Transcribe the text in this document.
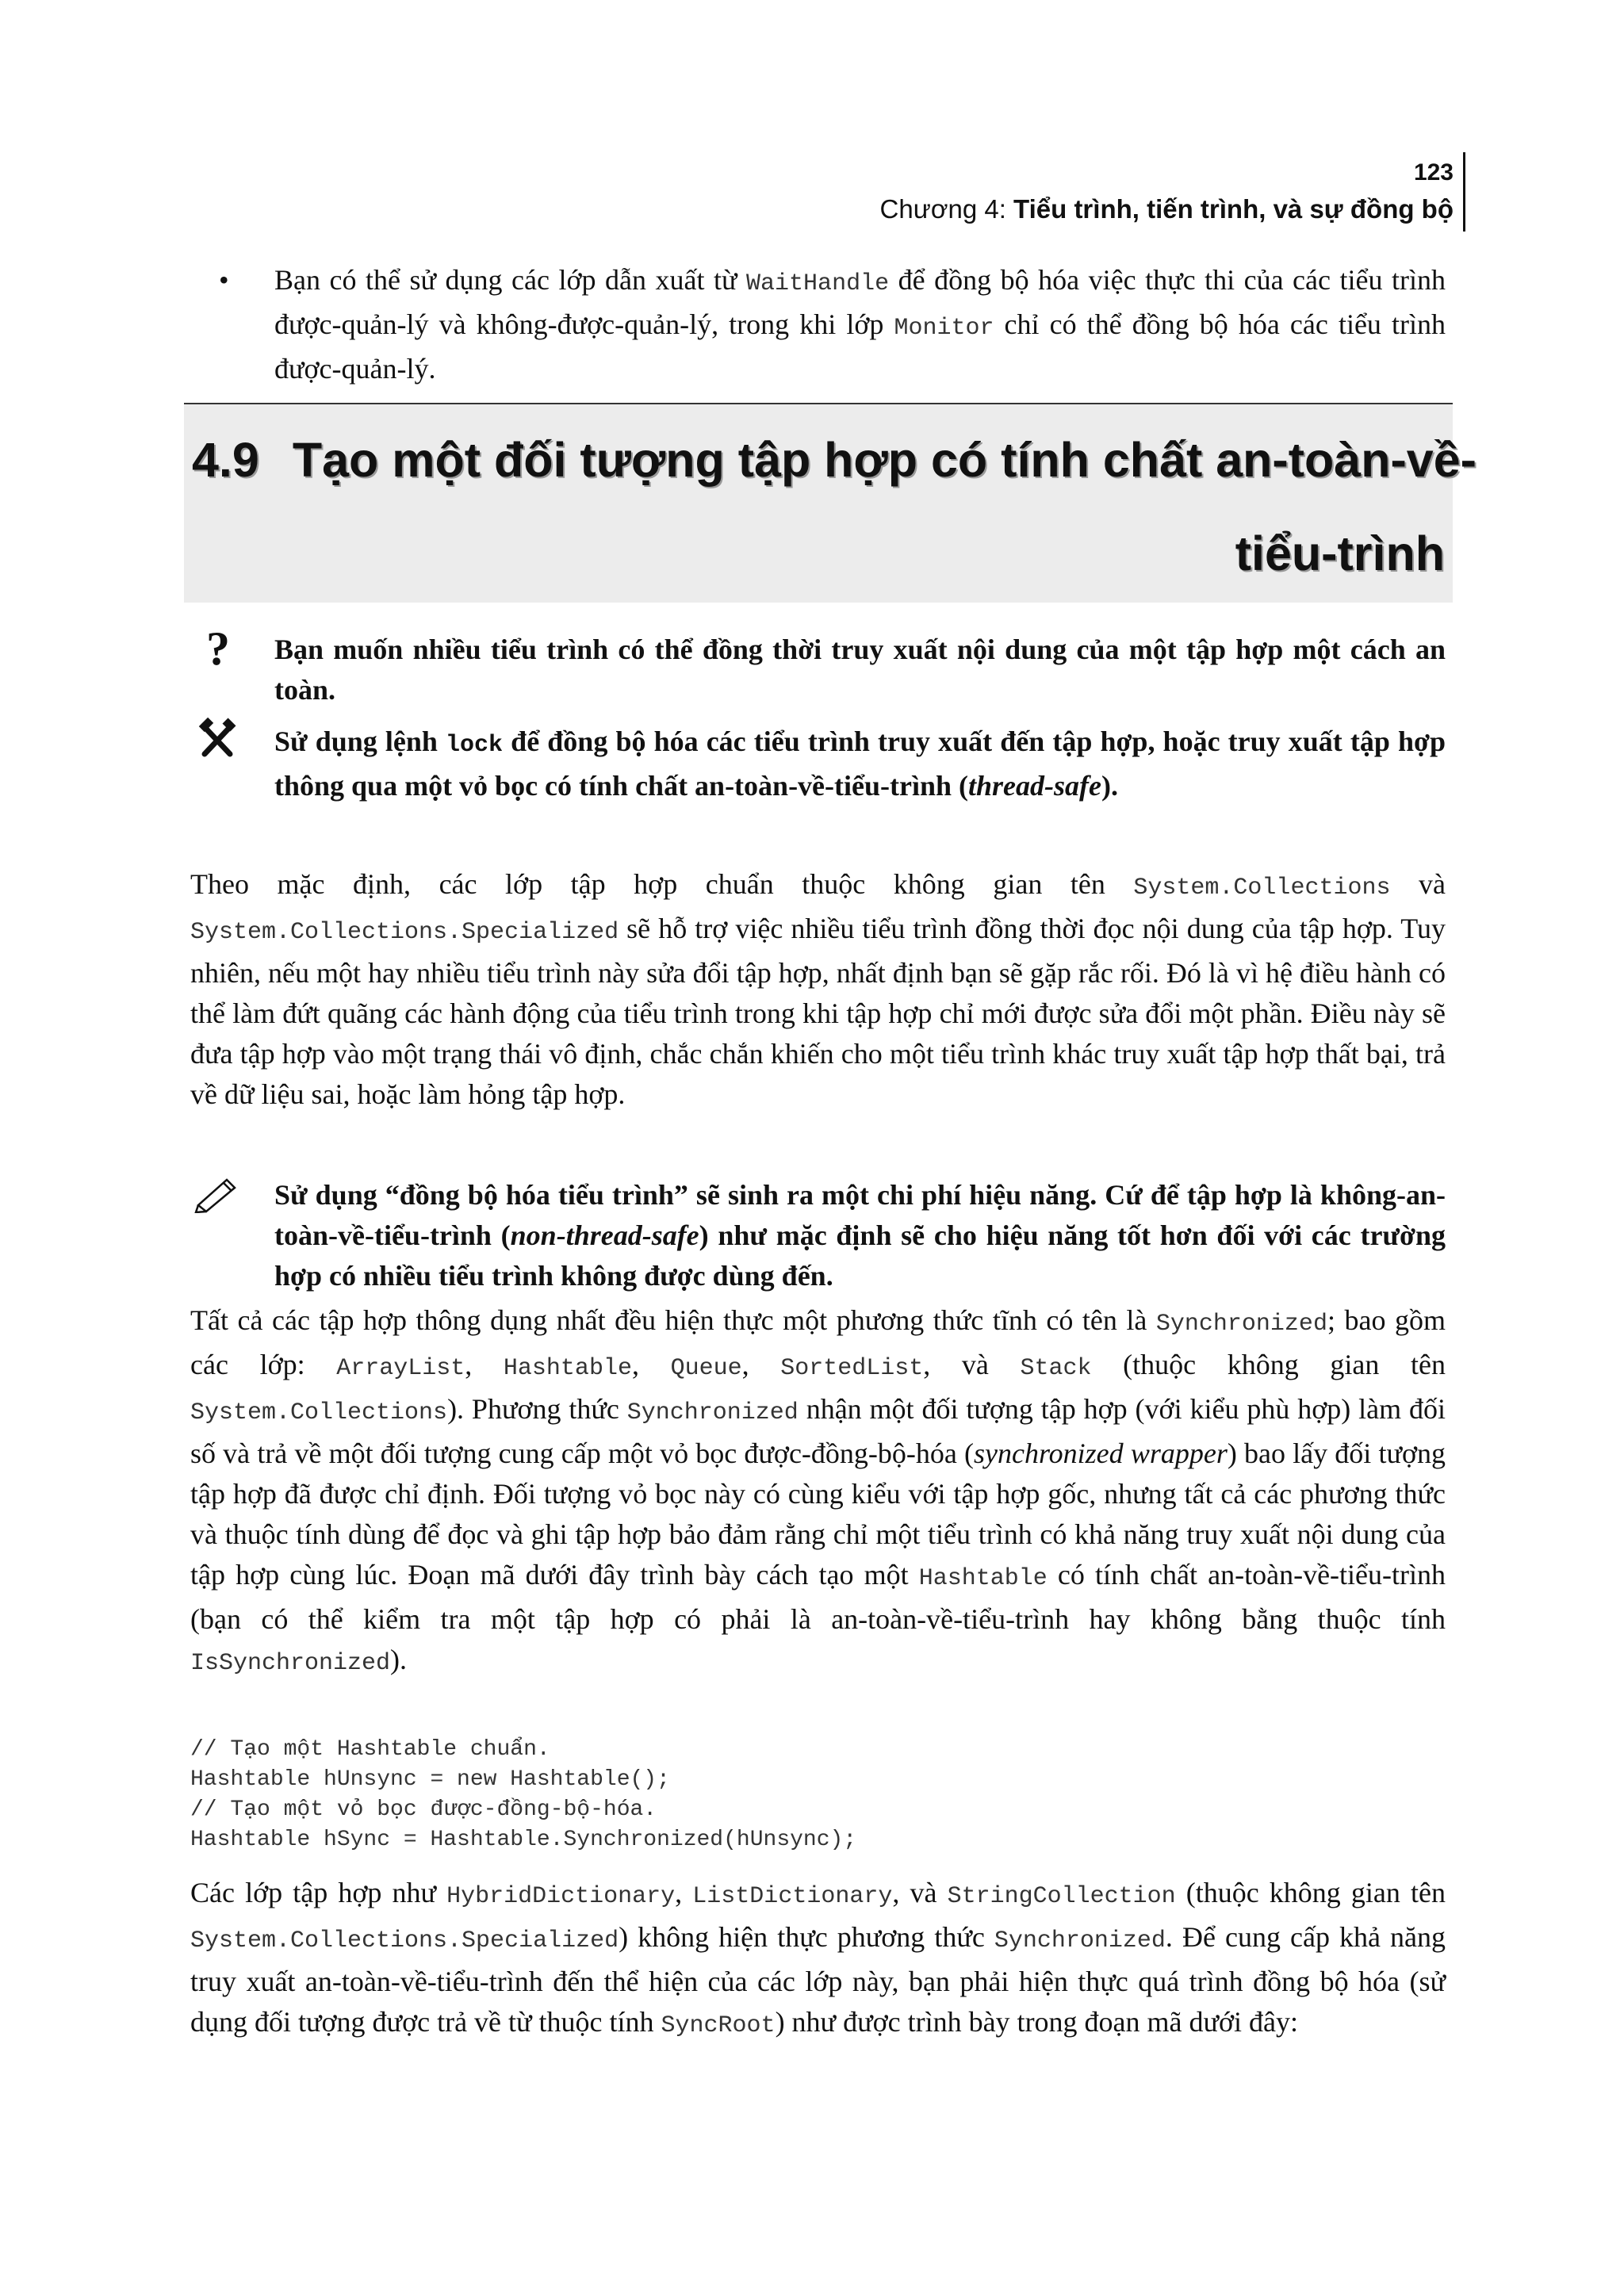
123
Chương 4: Tiểu trình, tiến trình, và sự đồng bộ
• Bạn có thể sử dụng các lớp dẫn xuất từ WaitHandle để đồng bộ hóa việc thực thi của các tiểu trình được-quản-lý và không-được-quản-lý, trong khi lớp Monitor chỉ có thể đồng bộ hóa các tiểu trình được-quản-lý.
4.9 Tạo một đối tượng tập hợp có tính chất an-toàn-về-
tiểu-trình
? Bạn muốn nhiều tiểu trình có thể đồng thời truy xuất nội dung của một tập hợp một cách an toàn.
Sử dụng lệnh lock để đồng bộ hóa các tiểu trình truy xuất đến tập hợp, hoặc truy xuất tập hợp thông qua một vỏ bọc có tính chất an-toàn-về-tiểu-trình (thread-safe).
Theo mặc định, các lớp tập hợp chuẩn thuộc không gian tên System.Collections và System.Collections.Specialized sẽ hỗ trợ việc nhiều tiểu trình đồng thời đọc nội dung của tập hợp. Tuy nhiên, nếu một hay nhiều tiểu trình này sửa đổi tập hợp, nhất định bạn sẽ gặp rắc rối. Đó là vì hệ điều hành có thể làm đứt quãng các hành động của tiểu trình trong khi tập hợp chỉ mới được sửa đổi một phần. Điều này sẽ đưa tập hợp vào một trạng thái vô định, chắc chắn khiến cho một tiểu trình khác truy xuất tập hợp thất bại, trả về dữ liệu sai, hoặc làm hỏng tập hợp.
Sử dụng “đồng bộ hóa tiểu trình” sẽ sinh ra một chi phí hiệu năng. Cứ để tập hợp là không-an-toàn-về-tiểu-trình (non-thread-safe) như mặc định sẽ cho hiệu năng tốt hơn đối với các trường hợp có nhiều tiểu trình không được dùng đến.
Tất cả các tập hợp thông dụng nhất đều hiện thực một phương thức tĩnh có tên là Synchronized; bao gồm các lớp: ArrayList, Hashtable, Queue, SortedList, và Stack (thuộc không gian tên System.Collections). Phương thức Synchronized nhận một đối tượng tập hợp (với kiểu phù hợp) làm đối số và trả về một đối tượng cung cấp một vỏ bọc được-đồng-bộ-hóa (synchronized wrapper) bao lấy đối tượng tập hợp đã được chỉ định. Đối tượng vỏ bọc này có cùng kiểu với tập hợp gốc, nhưng tất cả các phương thức và thuộc tính dùng để đọc và ghi tập hợp bảo đảm rằng chỉ một tiểu trình có khả năng truy xuất nội dung của tập hợp cùng lúc. Đoạn mã dưới đây trình bày cách tạo một Hashtable có tính chất an-toàn-về-tiểu-trình (bạn có thể kiểm tra một tập hợp có phải là an-toàn-về-tiểu-trình hay không bằng thuộc tính IsSynchronized).
// Tạo một Hashtable chuẩn.
Hashtable hUnsync = new Hashtable();
// Tạo một vỏ bọc được-đồng-bộ-hóa.
Hashtable hSync = Hashtable.Synchronized(hUnsync);
Các lớp tập hợp như HybridDictionary, ListDictionary, và StringCollection (thuộc không gian tên System.Collections.Specialized) không hiện thực phương thức Synchronized. Để cung cấp khả năng truy xuất an-toàn-về-tiểu-trình đến thể hiện của các lớp này, bạn phải hiện thực quá trình đồng bộ hóa (sử dụng đối tượng được trả về từ thuộc tính SyncRoot) như được trình bày trong đoạn mã dưới đây:
